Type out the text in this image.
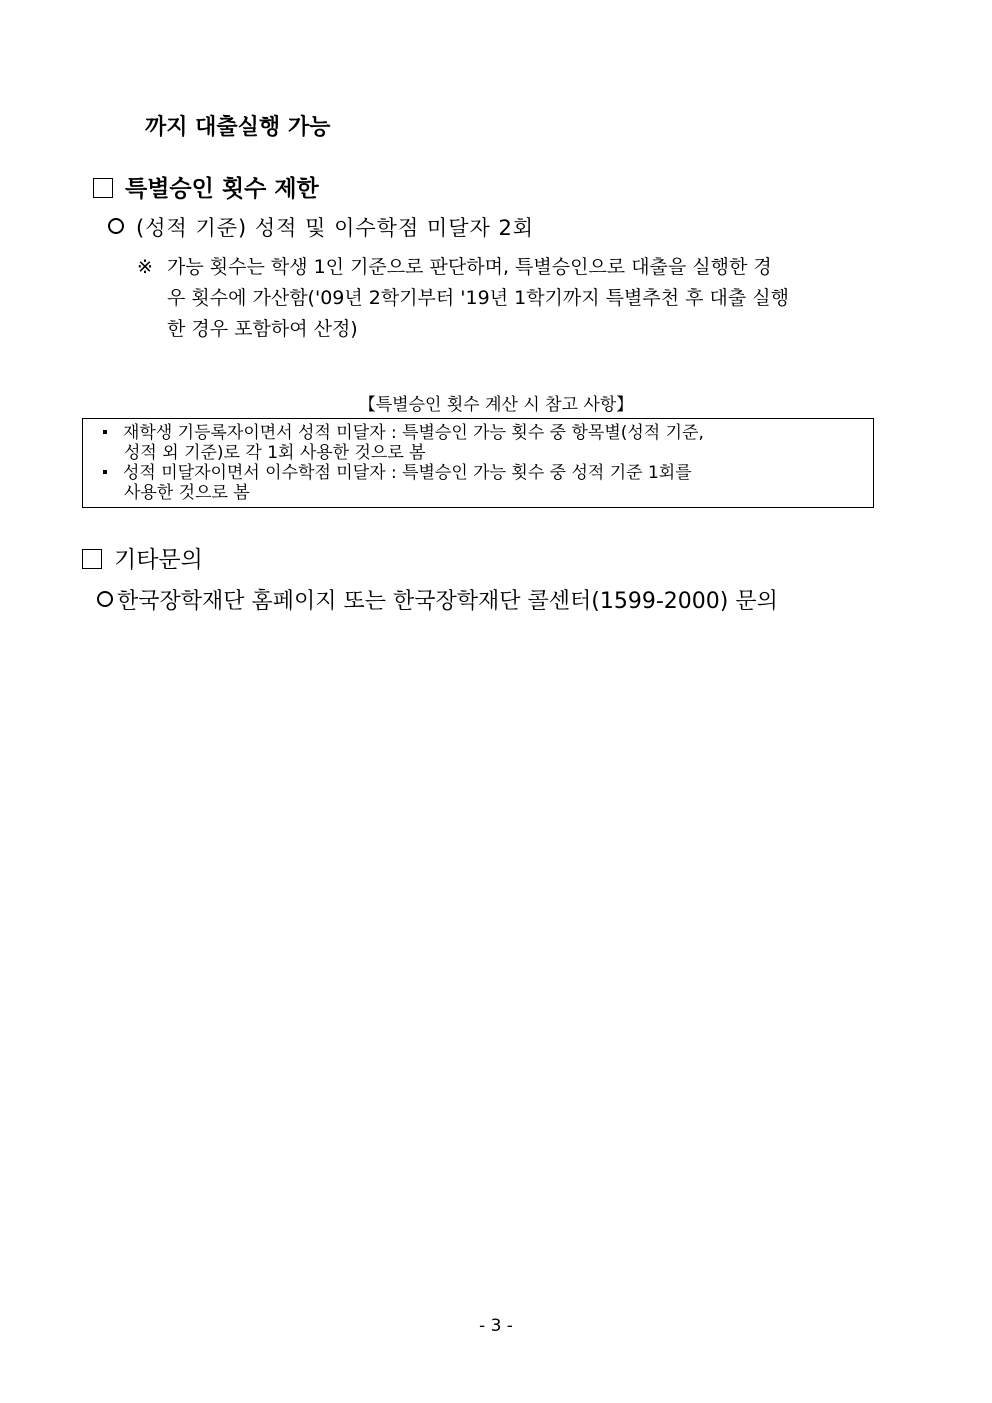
까지 대출실행 가능
특별승인 횟수 제한
(성적 기준) 성적 및 이수학점 미달자 2회
※ 가능 횟수는 학생 1인 기준으로 판단하며, 특별승인으로 대출을 실행한 경
우 횟수에 가산함('09년 2학기부터 '19년 1학기까지 특별추천 후 대출 실행
한 경우 포함하여 산정)
【특별승인 횟수 계산 시 참고 사항】
재학생 기등록자이면서 성적 미달자 : 특별승인 가능 횟수 중 항목별(성적 기준,
성적 외 기준)로 각 1회 사용한 것으로 봄
성적 미달자이면서 이수학점 미달자 : 특별승인 가능 횟수 중 성적 기준 1회를
사용한 것으로 봄
기타문의
한국장학재단 홈페이지 또는 한국장학재단 콜센터(1599-2000) 문의
- 3 -
